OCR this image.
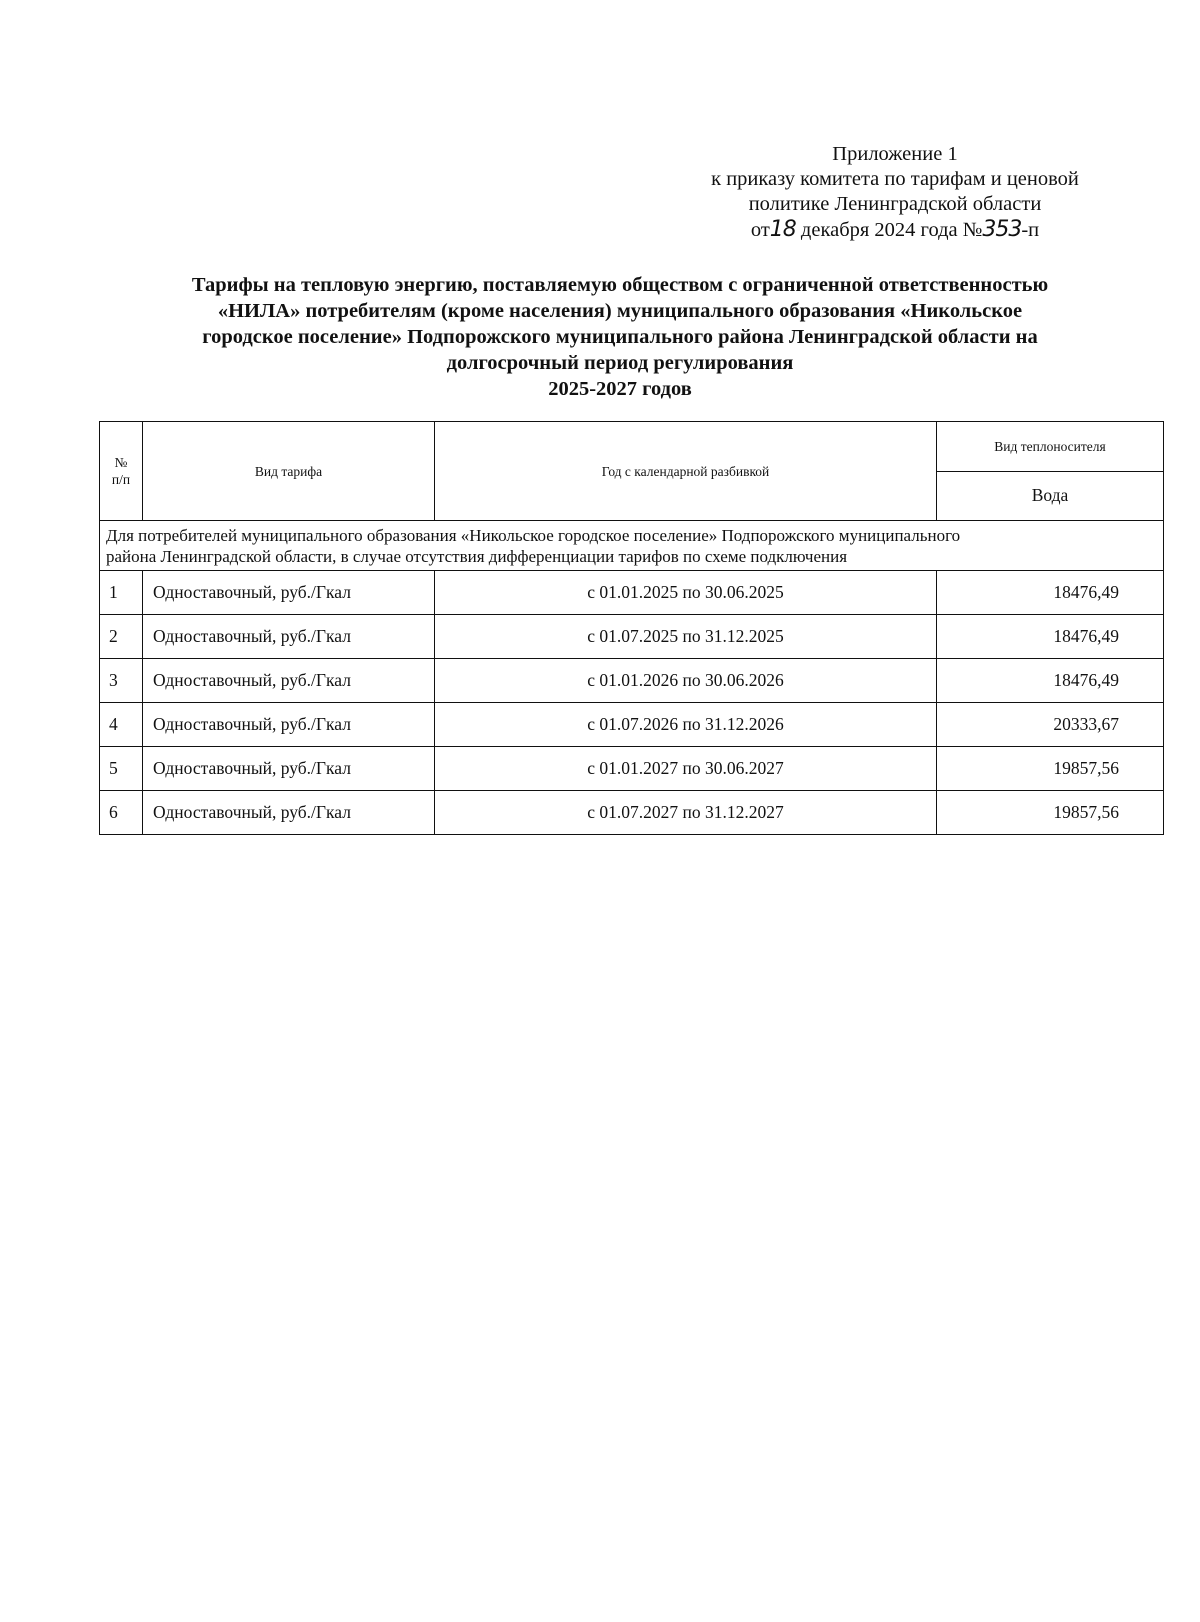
Приложение 1
к приказу комитета по тарифам и ценовой
политике Ленинградской области
от18 декабря 2024 года №353-п
Тарифы на тепловую энергию, поставляемую обществом с ограниченной ответственностью
«НИЛА» потребителям (кроме населения) муниципального образования «Никольское
городское поселение» Подпорожского муниципального района Ленинградской области на
долгосрочный период регулирования
2025-2027 годов
№
п/п	Вид тарифа	Год с календарной разбивкой	Вид теплоносителя
			Вода

Для потребителей муниципального образования «Никольское городское поселение» Подпорожского муниципального
района Ленинградской области, в случае отсутствия дифференциации тарифов по схеме подключения			

1	Одноставочный, руб./Гкал	с 01.01.2025 по 30.06.2025	18476,49
2	Одноставочный, руб./Гкал	с 01.07.2025 по 31.12.2025	18476,49
3	Одноставочный, руб./Гкал	с 01.01.2026 по 30.06.2026	18476,49
4	Одноставочный, руб./Гкал	с 01.07.2026 по 31.12.2026	20333,67
5	Одноставочный, руб./Гкал	с 01.01.2027 по 30.06.2027	19857,56
6	Одноставочный, руб./Гкал	с 01.07.2027 по 31.12.2027	19857,56
